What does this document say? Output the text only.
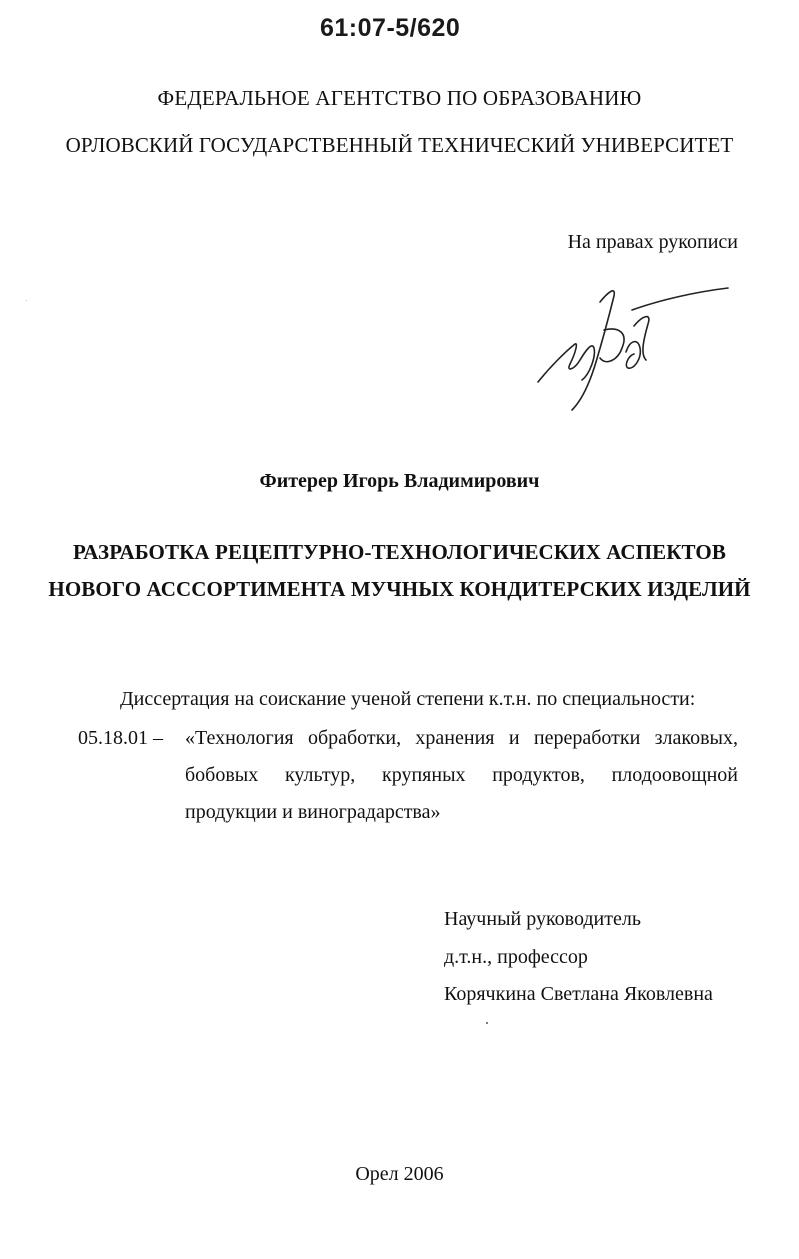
61:07-5/620
ФЕДЕРАЛЬНОЕ АГЕНТСТВО ПО ОБРАЗОВАНИЮ
ОРЛОВСКИЙ ГОСУДАРСТВЕННЫЙ ТЕХНИЧЕСКИЙ УНИВЕРСИТЕТ
На правах рукописи
Фитерер Игорь Владимирович
РАЗРАБОТКА РЕЦЕПТУРНО-ТЕХНОЛОГИЧЕСКИХ АСПЕКТОВ
НОВОГО АСССОРТИМЕНТА МУЧНЫХ КОНДИТЕРСКИХ ИЗДЕЛИЙ
Диссертация на соискание ученой степени к.т.н. по специальности:
05.18.01 – «Технология обработки, хранения и переработки злаковых,
бобовых культур, крупяных продуктов, плодоовощной
продукции и виноградарства»
Научный руководитель
д.т.н., профессор
Корячкина Светлана Яковлевна
Орел 2006
